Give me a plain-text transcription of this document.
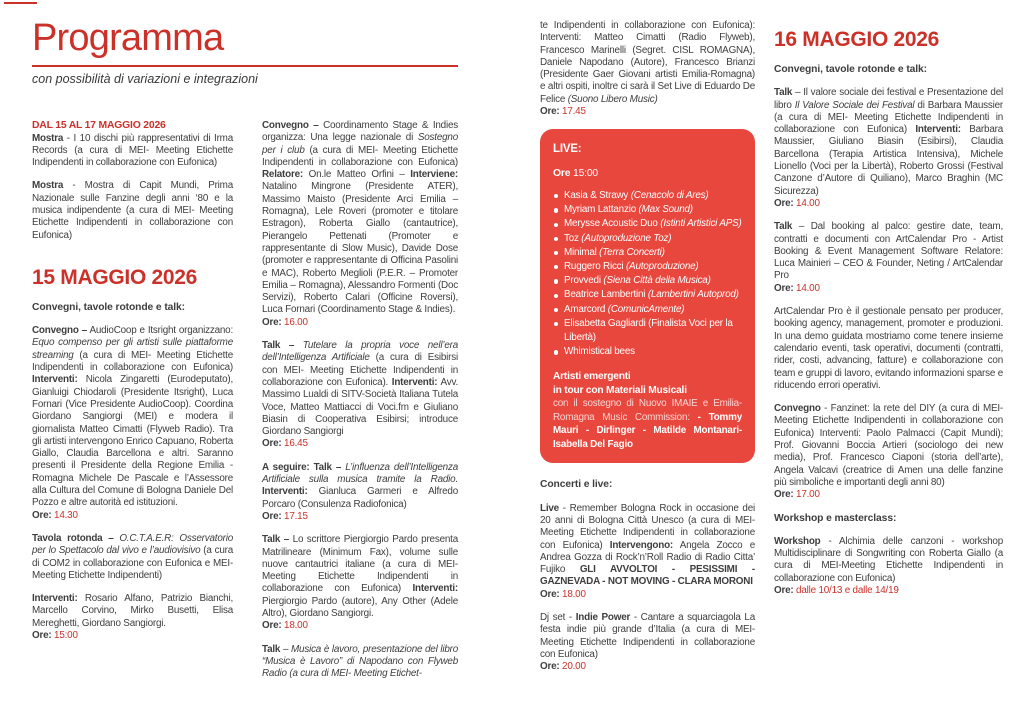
Programma
con possibilità di variazioni e integrazioni
DAL 15 AL 17 MAGGIO 2026

Mostra - I 10 dischi più rappresentativi di Irma Records (a cura di MEI- Meeting Etichette Indipendenti in collaborazione con Eufonica)

Mostra - Mostra di Capit Mundi, Prima Nazionale sulle Fanzine degli anni ‘80 e la musica indipendente (a cura di MEI- Meeting Etichette Indipendenti in collaborazione con Eufonica)

15 MAGGIO 2026
Convegni, tavole rotonde e talk:

Convegno – AudioCoop e Itsright organizzano: Equo compenso per gli artisti sulle piattaforme streaming (a cura di MEI- Meeting Etichette Indipendenti in collaborazione con Eufonica) Interventi: Nicola Zingaretti (Eurodeputato), Gianluigi Chiodaroli (Presidente Itsright), Luca Fornari (Vice Presidente AudioCoop). Coordina Giordano Sangiorgi (MEI) e modera il giornalista Matteo Cimatti (Flyweb Radio). Tra gli artisti intervengono Enrico Capuano, Roberta Giallo, Claudia Barcellona e altri. Saranno presenti il Presidente della Regione Emilia - Romagna Michele De Pascale e l’Assessore alla Cultura del Comune di Bologna Daniele Del Pozzo e altre autorità ed istituzioni.

Ore: 14.30

Tavola rotonda – O.C.T.A.E.R: Osservatorio per lo Spettacolo dal vivo e l’audiovisivo (a cura di COM2 in collaborazione con Eufonica e MEI- Meeting Etichette Indipendenti)

Interventi: Rosario Alfano, Patrizio Bianchi, Marcello Corvino, Mirko Busetti, Elisa Mereghetti, Giordano Sangiorgi.

Ore: 15:00

Convegno – Coordinamento Stage & Indies organizza: Una legge nazionale di Sostegno per i club (a cura di MEI- Meeting Etichette Indipendenti in collaborazione con Eufonica) Relatore: On.le Matteo Orfini – Interviene: Natalino Mingrone (Presidente ATER), Massimo Maisto (Presidente Arci Emilia – Romagna), Lele Roveri (promoter e titolare Estragon), Roberta Giallo (cantautrice), Pierangelo Pettenati (Promoter e rappresentante di Slow Music), Davide Dose (promoter e rappresentante di Officina Pasolini e MAC), Roberto Meglioli (P.E.R. – Promoter Emilia – Romagna), Alessandro Formenti (Doc Servizi), Roberto Calari (Officine Roversi), Luca Fornari (Coordinamento Stage & Indies).

Ore: 16.00

Talk – Tutelare la propria voce nell’era dell’Intelligenza Artificiale (a cura di Esibirsi con MEI- Meeting Etichette Indipendenti in collaborazione con Eufonica). Interventi: Avv. Massimo Lualdi di SITV-Società Italiana Tutela Voce, Matteo Mattiacci di Voci.fm e Giuliano Biasin di Cooperativa Esibirsi; introduce Giordano Sangiorgi

Ore: 16.45

A seguire: Talk – L’influenza dell’Intelligenza Artificiale sulla musica tramite la Radio. Interventi: Gianluca Garmeri e Alfredo Porcaro (Consulenza Radiofonica)

Ore: 17.15

Talk – Lo scrittore Piergiorgio Pardo presenta Matrilineare (Minimum Fax), volume sulle nuove cantautrici italiane (a cura di MEI- Meeting Etichette Indipendenti in collaborazione con Eufonica) Interventi: Piergiorgio Pardo (autore), Any Other (Adele Altro), Giordano Sangiorgi.

Ore: 18.00

Talk – Musica è lavoro, presentazione del libro “Musica è Lavoro” di Napodano con Flyweb Radio (a cura di MEI- Meeting Etichet-

te Indipendenti in collaborazione con Eufonica): Interventi: Matteo Cimatti (Radio Flyweb), Francesco Marinelli (Segret. CISL ROMAGNA), Daniele Napodano (Autore), Francesco Brianzi (Presidente Gaer Giovani artisti Emilia-Romagna) e altri ospiti, inoltre ci sarà il Set Live di Eduardo De Felice (Suono Libero Music)

Ore: 17.45

LIVE:
Ore 15:00
Kasia & Strawy (Cenacolo di Ares)
Myriam Lattanzio (Max Sound)
Merysse Acoustic Duo (Istinti Artistici APS)
Toz (Autoproduzione Toz)
Minimal (Terra Concerti)
Ruggero Ricci (Autoproduzione)
Provvedi (Siena Città della Musica)
Beatrice Lambertini (Lambertini Autoprod)
Amarcord (ComunicAmente)
Elisabetta Gagliardi (Finalista Voci per la Libertà)
Whimistical bees
Artisti emergenti
in tour con Materiali Musicali

con il sostegno di Nuovo IMAIE e Emilia-Romagna Music Commission: - Tommy Mauri - Dirlinger - Matilde Montanari- Isabella Del Fagio

Concerti e live:

Live - Remember Bologna Rock in occasione dei 20 anni di Bologna Città Unesco (a cura di MEI- Meeting Etichette Indipendenti in collaborazione con Eufonica) Intervengono: Angela Zocco e Andrea Gozza di Rock’n’Roll Radio di Radio Citta’ Fujiko GLI AVVOLTOI - PESISSIMI - GAZNEVADA - NOT MOVING - CLARA MORONI

Ore: 18.00

Dj set - Indie Power - Cantare a squarciagola La festa indie più grande d’Italia (a cura di MEI- Meeting Etichette Indipendenti in collaborazione con Eufonica)

Ore: 20.00

16 MAGGIO 2026
Convegni, tavole rotonde e talk:

Talk – Il valore sociale dei festival e Presentazione del libro Il Valore Sociale dei Festival di Barbara Maussier (a cura di MEI- Meeting Etichette Indipendenti in collaborazione con Eufonica) Interventi: Barbara Maussier, Giuliano Biasin (Esibirsi), Claudia Barcellona (Terapia Artistica Intensiva), Michele Lionello (Voci per la Libertà), Roberto Grossi (Festival Canzone d’Autore di Quiliano), Marco Braghin (MC Sicurezza)

Ore: 14.00

Talk – Dal booking al palco: gestire date, team, contratti e documenti con ArtCalendar Pro - Artist Booking & Event Management Software Relatore: Luca Mainieri – CEO & Founder, Neting / ArtCalendar Pro

Ore: 14.00

ArtCalendar Pro è il gestionale pensato per producer, booking agency, management, promoter e produzioni. In una demo guidata mostriamo come tenere insieme calendario eventi, task operativi, documenti (contratti, rider, costi, advancing, fatture) e collaborazione con team e gruppi di lavoro, evitando informazioni sparse e riducendo errori operativi.

Convegno - Fanzinet: la rete del DIY (a cura di MEI- Meeting Etichette Indipendenti in collaborazione con Eufonica) Interventi: Paolo Palmacci (Capit Mundi); Prof. Giovanni Boccia Artieri (sociologo dei new media), Prof. Francesco Ciaponi (storia dell’arte), Angela Valcavi (creatrice di Amen una delle fanzine più simboliche e importanti degli anni 80)

Ore: 17.00

Workshop e masterclass:

Workshop - Alchimia delle canzoni - workshop Multidisciplinare di Songwriting con Roberta Giallo (a cura di MEI-Meeting Etichette Indipendenti in collaborazione con Eufonica)

Ore: dalle 10/13 e dalle 14/19
